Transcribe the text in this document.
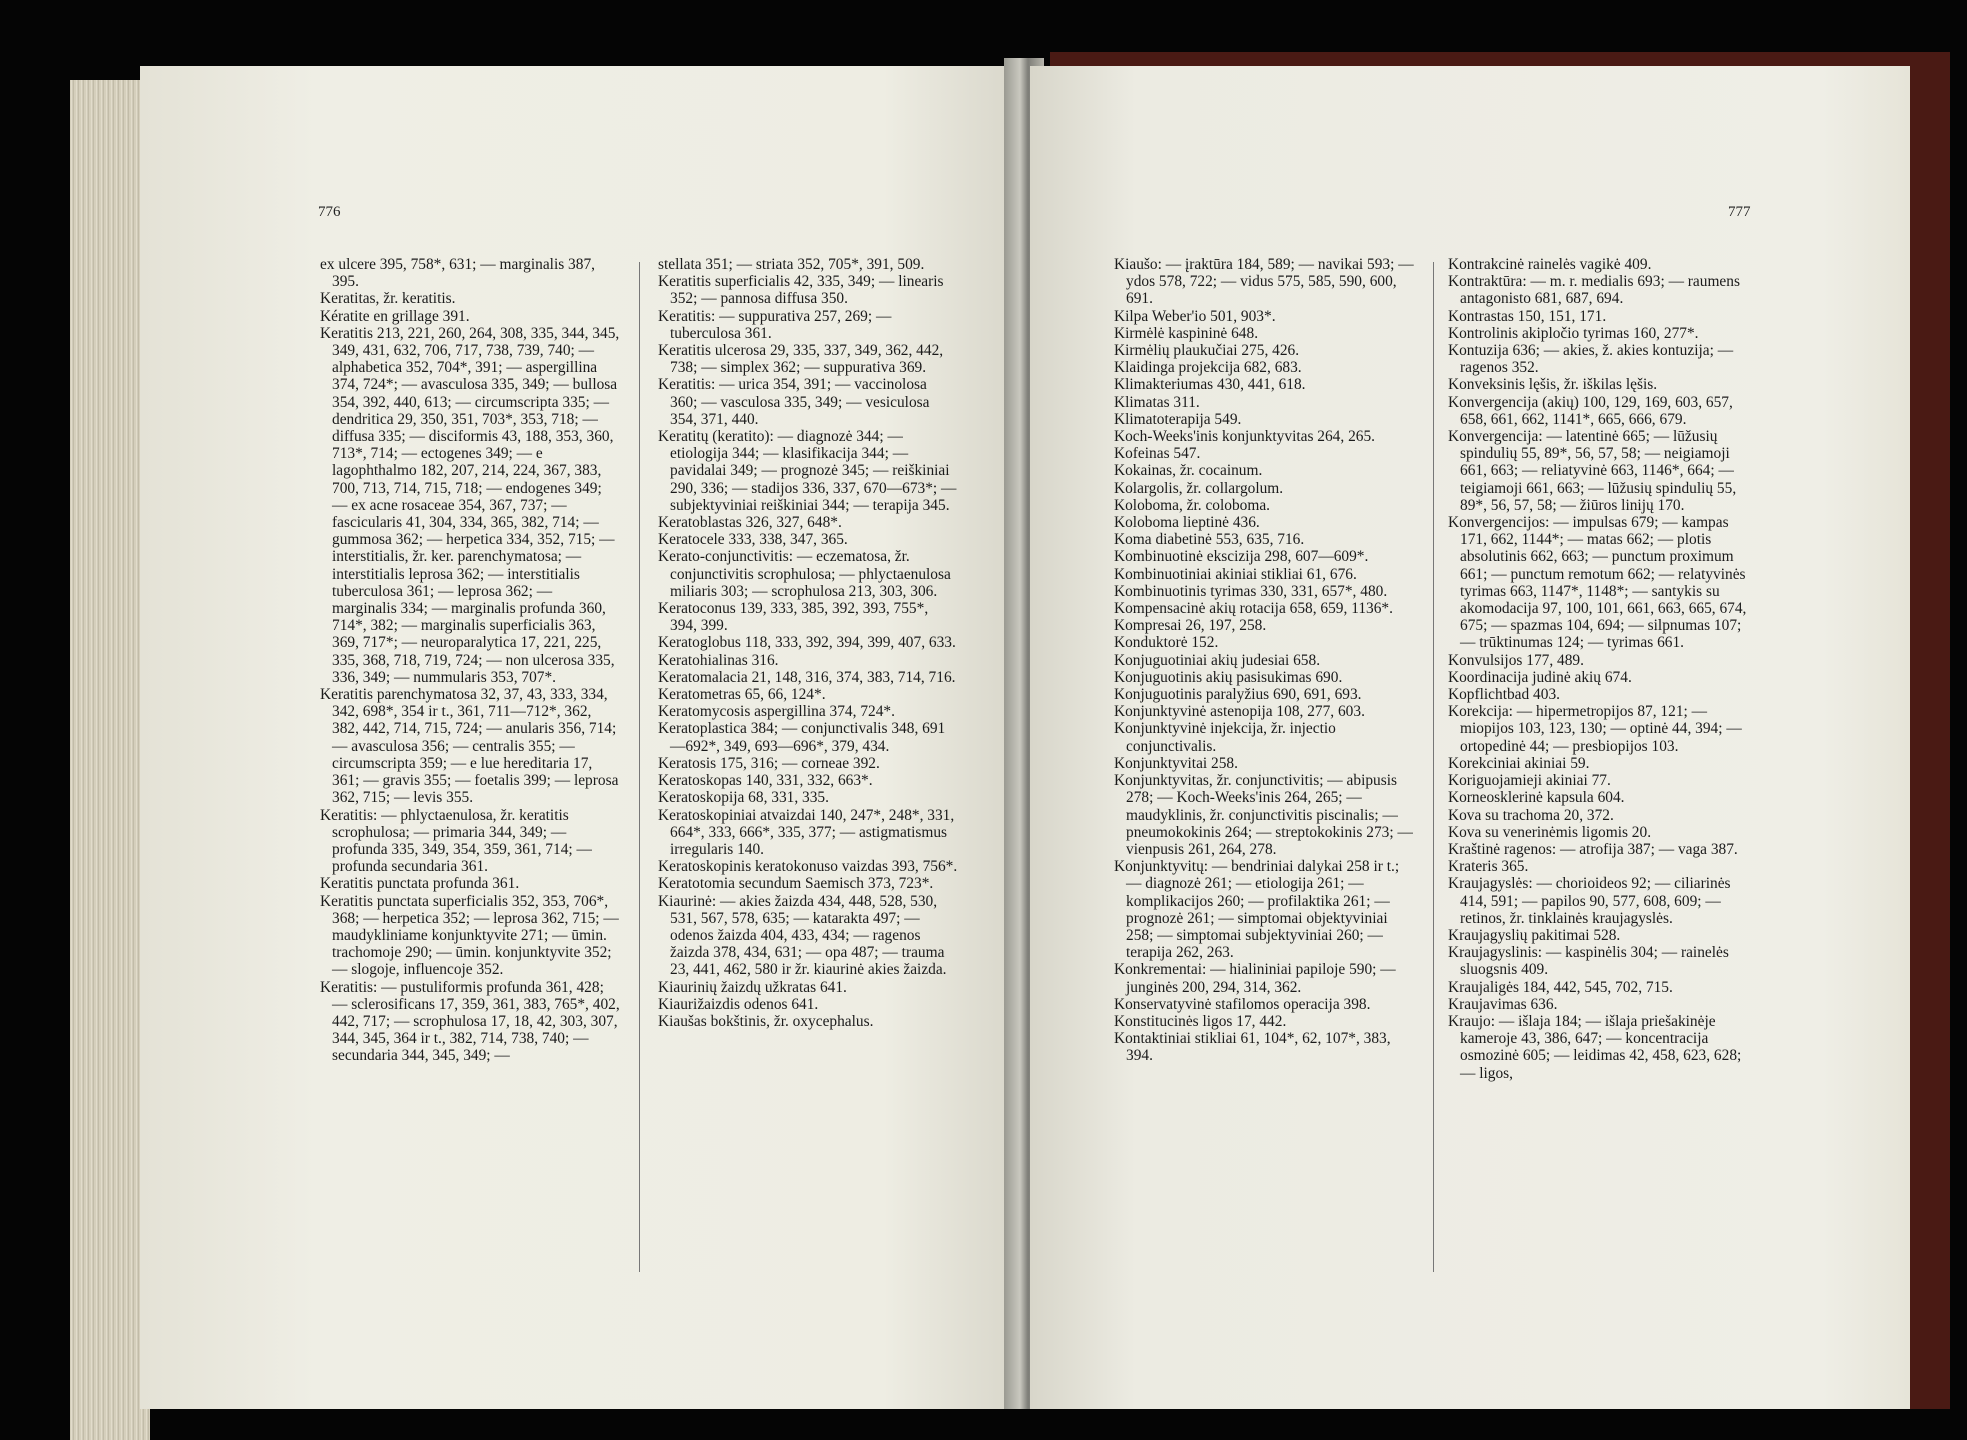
776

ex ulcere 395, 758*, 631; — marginalis 387, 395.

Keratitas, žr. keratitis.

Kératite en grillage 391.

Keratitis 213, 221, 260, 264, 308, 335, 344, 345, 349, 431, 632, 706, 717, 738, 739, 740; — alphabetica 352, 704*, 391; — aspergillina 374, 724*; — avasculosa 335, 349; — bullosa 354, 392, 440, 613; — circumscripta 335; — dendritica 29, 350, 351, 703*, 353, 718; — diffusa 335; — disciformis 43, 188, 353, 360, 713*, 714; — ectogenes 349; — e lagophthalmo 182, 207, 214, 224, 367, 383, 700, 713, 714, 715, 718; — endogenes 349; — ex acne rosaceae 354, 367, 737; — fascicularis 41, 304, 334, 365, 382, 714; — gummosa 362; — herpetica 334, 352, 715; — interstitialis, žr. ker. parenchymatosa; — interstitialis leprosa 362; — interstitialis tuberculosa 361; — leprosa 362; — marginalis 334; — marginalis profunda 360, 714*, 382; — marginalis superficialis 363, 369, 717*; — neuroparalytica 17, 221, 225, 335, 368, 718, 719, 724; — non ulcerosa 335, 336, 349; — nummularis 353, 707*.

Keratitis parenchymatosa 32, 37, 43, 333, 334, 342, 698*, 354 ir t., 361, 711—712*, 362, 382, 442, 714, 715, 724; — anularis 356, 714; — avasculosa 356; — centralis 355; — circumscripta 359; — e lue hereditaria 17, 361; — gravis 355; — foetalis 399; — leprosa 362, 715; — levis 355.

Keratitis: — phlyctaenulosa, žr. keratitis scrophulosa; — primaria 344, 349; — profunda 335, 349, 354, 359, 361, 714; — profunda secundaria 361.

Keratitis punctata profunda 361.

Keratitis punctata superficialis 352, 353, 706*, 368; — herpetica 352; — leprosa 362, 715; — maudykliniame konjunktyvite 271; — ūmin. trachomoje 290; — ūmin. konjunktyvite 352; — slogoje, influencoje 352.

Keratitis: — pustuliformis profunda 361, 428; — sclerosificans 17, 359, 361, 383, 765*, 402, 442, 717; — scrophulosa 17, 18, 42, 303, 307, 344, 345, 364 ir t., 382, 714, 738, 740; — secundaria 344, 345, 349; —

stellata 351; — striata 352, 705*, 391, 509.

Keratitis superficialis 42, 335, 349; — linearis 352; — pannosa diffusa 350.

Keratitis: — suppurativa 257, 269; — tuberculosa 361.

Keratitis ulcerosa 29, 335, 337, 349, 362, 442, 738; — simplex 362; — suppurativa 369.

Keratitis: — urica 354, 391; — vaccinolosa 360; — vasculosa 335, 349; — vesiculosa 354, 371, 440.

Keratitų (keratito): — diagnozė 344; — etiologija 344; — klasifikacija 344; — pavidalai 349; — prognozė 345; — reiškiniai 290, 336; — stadijos 336, 337, 670—673*; — subjektyviniai reiškiniai 344; — terapija 345.

Keratoblastas 326, 327, 648*.

Keratocele 333, 338, 347, 365.

Kerato-conjunctivitis: — eczematosa, žr. conjunctivitis scrophulosa; — phlyctaenulosa miliaris 303; — scrophulosa 213, 303, 306.

Keratoconus 139, 333, 385, 392, 393, 755*, 394, 399.

Keratoglobus 118, 333, 392, 394, 399, 407, 633.

Keratohialinas 316.

Keratomalacia 21, 148, 316, 374, 383, 714, 716.

Keratometras 65, 66, 124*.

Keratomycosis aspergillina 374, 724*.

Keratoplastica 384; — conjunctivalis 348, 691—692*, 349, 693—696*, 379, 434.

Keratosis 175, 316; — corneae 392.

Keratoskopas 140, 331, 332, 663*.

Keratoskopija 68, 331, 335.

Keratoskopiniai atvaizdai 140, 247*, 248*, 331, 664*, 333, 666*, 335, 377; — astigmatismus irregularis 140.

Keratoskopinis keratokonuso vaizdas 393, 756*.

Keratotomia secundum Saemisch 373, 723*.

Kiaurinė: — akies žaizda 434, 448, 528, 530, 531, 567, 578, 635; — katarakta 497; — odenos žaizda 404, 433, 434; — ragenos žaizda 378, 434, 631; — opa 487; — trauma 23, 441, 462, 580 ir žr. kiaurinė akies žaizda.

Kiaurinių žaizdų užkratas 641.

Kiaurižaizdis odenos 641.

Kiaušas bokštinis, žr. oxycephalus.

777

Kiaušo: — įraktūra 184, 589; — navikai 593; — ydos 578, 722; — vidus 575, 585, 590, 600, 691.

Kilpa Weber'io 501, 903*.

Kirmėlė kaspininė 648.

Kirmėlių plaukučiai 275, 426.

Klaidinga projekcija 682, 683.

Klimakteriumas 430, 441, 618.

Klimatas 311.

Klimatoterapija 549.

Koch-Weeks'inis konjunktyvitas 264, 265.

Kofeinas 547.

Kokainas, žr. cocainum.

Kolargolis, žr. collargolum.

Koloboma, žr. coloboma.

Koloboma lieptinė 436.

Koma diabetinė 553, 635, 716.

Kombinuotinė ekscizija 298, 607—609*.

Kombinuotiniai akiniai stikliai 61, 676.

Kombinuotinis tyrimas 330, 331, 657*, 480.

Kompensacinė akių rotacija 658, 659, 1136*.

Kompresai 26, 197, 258.

Konduktorė 152.

Konjuguotiniai akių judesiai 658.

Konjuguotinis akių pasisukimas 690.

Konjuguotinis paralyžius 690, 691, 693.

Konjunktyvinė astenopija 108, 277, 603.

Konjunktyvinė injekcija, žr. injectio conjunctivalis.

Konjunktyvitai 258.

Konjunktyvitas, žr. conjunctivitis; — abipusis 278; — Koch-Weeks'inis 264, 265; — maudyklinis, žr. conjunctivitis piscinalis; — pneumokokinis 264; — streptokokinis 273; — vienpusis 261, 264, 278.

Konjunktyvitų: — bendriniai dalykai 258 ir t.; — diagnozė 261; — etiologija 261; — komplikacijos 260; — profilaktika 261; — prognozė 261; — simptomai objektyviniai 258; — simptomai subjektyviniai 260; — terapija 262, 263.

Konkrementai: — hialininiai papiloje 590; — junginės 200, 294, 314, 362.

Konservatyvinė stafilomos operacija 398.

Konstitucinės ligos 17, 442.

Kontaktiniai stikliai 61, 104*, 62, 107*, 383, 394.

Kontrakcinė rainelės vagikė 409.

Kontraktūra: — m. r. medialis 693; — raumens antagonisto 681, 687, 694.

Kontrastas 150, 151, 171.

Kontrolinis akipločio tyrimas 160, 277*.

Kontuzija 636; — akies, ž. akies kontuzija; — ragenos 352.

Konveksinis lęšis, žr. iškilas lęšis.

Konvergencija (akių) 100, 129, 169, 603, 657, 658, 661, 662, 1141*, 665, 666, 679.

Konvergencija: — latentinė 665; — lūžusių spindulių 55, 89*, 56, 57, 58; — neigiamoji 661, 663; — reliatyvinė 663, 1146*, 664; — teigiamoji 661, 663; — lūžusių spindulių 55, 89*, 56, 57, 58; — žiūros linijų 170.

Konvergencijos: — impulsas 679; — kampas 171, 662, 1144*; — matas 662; — plotis absolutinis 662, 663; — punctum proximum 661; — punctum remotum 662; — relatyvinės tyrimas 663, 1147*, 1148*; — santykis su akomodacija 97, 100, 101, 661, 663, 665, 674, 675; — spazmas 104, 694; — silpnumas 107; — trūktinumas 124; — tyrimas 661.

Konvulsijos 177, 489.

Koordinacija judinė akių 674.

Kopflichtbad 403.

Korekcija: — hipermetropijos 87, 121; — miopijos 103, 123, 130; — optinė 44, 394; — ortopedinė 44; — presbiopijos 103.

Korekciniai akiniai 59.

Koriguojamieji akiniai 77.

Korneosklerinė kapsula 604.

Kova su trachoma 20, 372.

Kova su venerinėmis ligomis 20.

Kraštinė ragenos: — atrofija 387; — vaga 387.

Krateris 365.

Kraujagyslės: — chorioideos 92; — ciliarinės 414, 591; — papilos 90, 577, 608, 609; — retinos, žr. tinklainės kraujagyslės.

Kraujagyslių pakitimai 528.

Kraujagyslinis: — kaspinėlis 304; — rainelės sluogsnis 409.

Kraujaligės 184, 442, 545, 702, 715.

Kraujavimas 636.

Kraujo: — išlaja 184; — išlaja priešakinėje kameroje 43, 386, 647; — koncentracija osmozinė 605; — leidimas 42, 458, 623, 628; — ligos,
